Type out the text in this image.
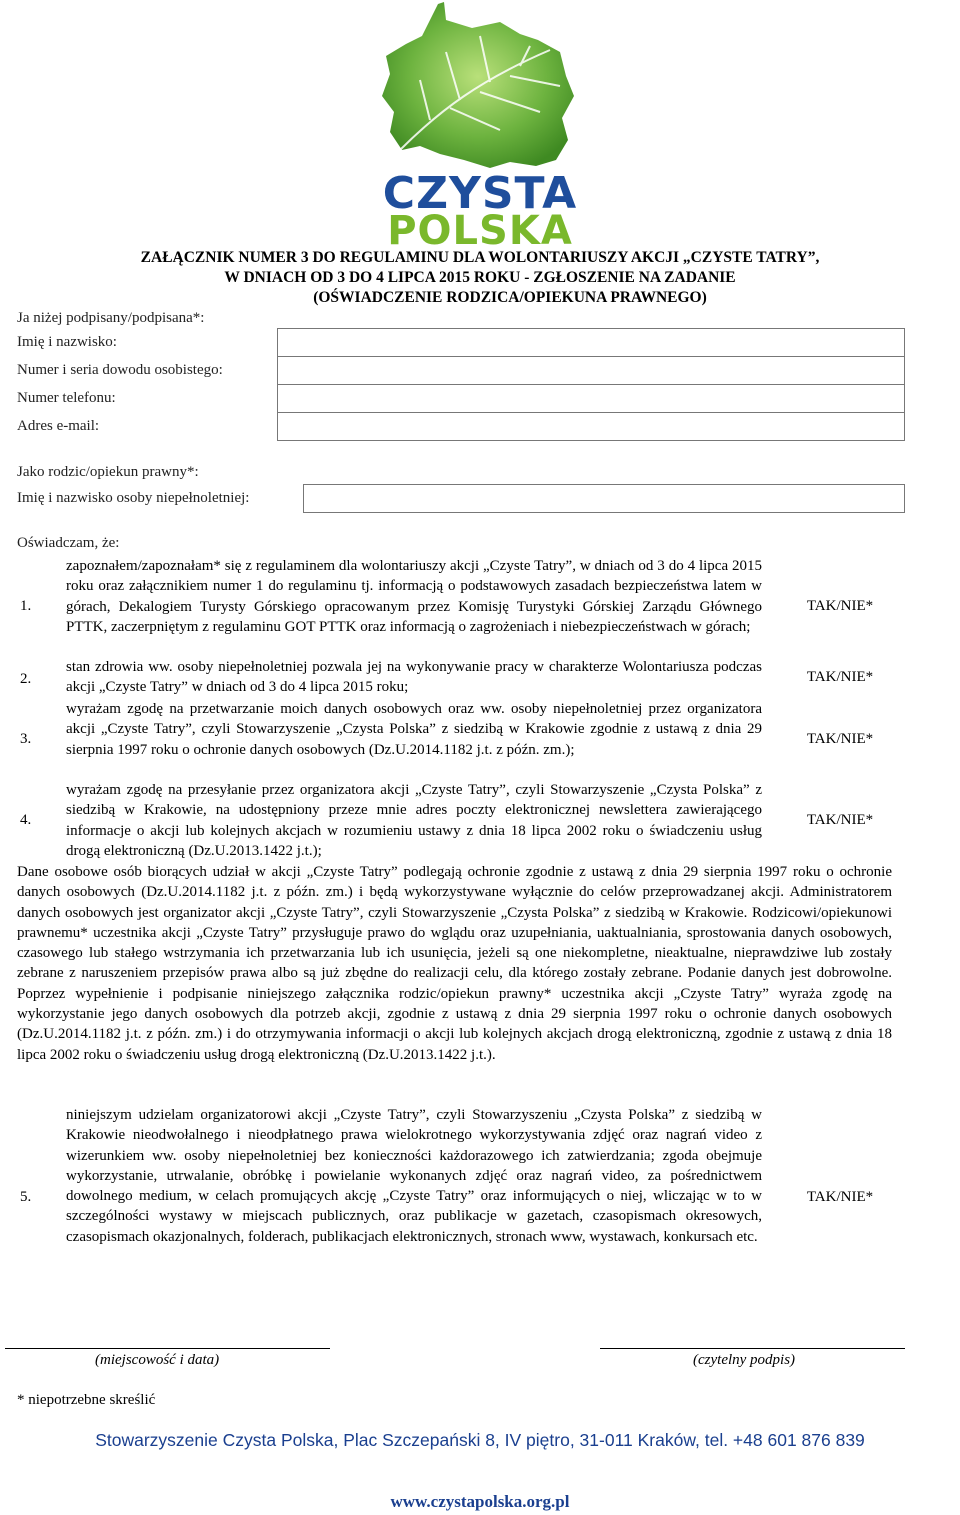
CZYSTA
POLSKA
ZAŁĄCZNIK NUMER 3 DO REGULAMINU DLA WOLONTARIUSZY AKCJI „CZYSTE TATRY”,
W DNIACH OD 3 DO 4 LIPCA 2015 ROKU - ZGŁOSZENIE NA ZADANIE
(OŚWIADCZENIE RODZICA/OPIEKUNA PRAWNEGO)
Ja niżej podpisany/podpisana*:
Imię i nazwisko:	
Numer i seria dowodu osobistego:	
Numer telefonu:	
Adres e-mail:	
Jako rodzic/opiekun prawny*:
Imię i nazwisko osoby niepełnoletniej:	
Oświadczam, że:
1.
zapoznałem/zapoznałam* się z regulaminem dla wolontariuszy akcji „Czyste Tatry”, w dniach od 3 do 4 lipca 2015 roku oraz załącznikiem numer 1 do regulaminu tj. informacją o podstawowych zasadach bezpieczeństwa latem w górach, Dekalogiem Turysty Górskiego opracowanym przez Komisję Turystyki Górskiej Zarządu Głównego PTTK, zaczerpniętym z regulaminu GOT PTTK oraz informacją o zagrożeniach i niebezpieczeństwach w górach;
TAK/NIE*
2.
stan zdrowia ww. osoby niepełnoletniej pozwala jej na wykonywanie pracy w charakterze Wolontariusza podczas akcji „Czyste Tatry” w dniach od 3 do 4 lipca 2015 roku;
TAK/NIE*
3.
wyrażam zgodę na przetwarzanie moich danych osobowych oraz ww. osoby niepełnoletniej przez organizatora akcji „Czyste Tatry”, czyli Stowarzyszenie „Czysta Polska” z siedzibą w Krakowie zgodnie z ustawą z dnia 29 sierpnia 1997 roku o ochronie danych osobowych (Dz.U.2014.1182 j.t. z późn. zm.);
TAK/NIE*
4.
wyrażam zgodę na przesyłanie przez organizatora akcji „Czyste Tatry”, czyli Stowarzyszenie „Czysta Polska” z siedzibą w Krakowie, na udostępniony przeze mnie adres poczty elektronicznej newslettera zawierającego informacje o akcji lub kolejnych akcjach w rozumieniu ustawy z dnia 18 lipca 2002 roku o świadczeniu usług drogą elektroniczną (Dz.U.2013.1422 j.t.);
TAK/NIE*
Dane osobowe osób biorących udział w akcji „Czyste Tatry” podlegają ochronie zgodnie z ustawą z dnia 29 sierpnia 1997 roku o ochronie danych osobowych (Dz.U.2014.1182 j.t. z późn. zm.) i będą wykorzystywane wyłącznie do celów przeprowadzanej akcji. Administratorem danych osobowych jest organizator akcji „Czyste Tatry”, czyli Stowarzyszenie „Czysta Polska” z siedzibą w Krakowie. Rodzicowi/opiekunowi prawnemu* uczestnika akcji „Czyste Tatry” przysługuje prawo do wglądu oraz uzupełniania, uaktualniania, sprostowania danych osobowych, czasowego lub stałego wstrzymania ich przetwarzania lub ich usunięcia, jeżeli są one niekompletne, nieaktualne, nieprawdziwe lub zostały zebrane z naruszeniem przepisów prawa albo są już zbędne do realizacji celu, dla którego zostały zebrane. Podanie danych jest dobrowolne. Poprzez wypełnienie i podpisanie niniejszego załącznika rodzic/opiekun prawny* uczestnika akcji „Czyste Tatry” wyraża zgodę na wykorzystanie jego danych osobowych dla potrzeb akcji, zgodnie z ustawą z dnia 29 sierpnia 1997 roku o ochronie danych osobowych (Dz.U.2014.1182 j.t. z późn. zm.) i do otrzymywania informacji o akcji lub kolejnych akcjach drogą elektroniczną, zgodnie z ustawą z dnia 18 lipca 2002 roku o świadczeniu usług drogą elektroniczną (Dz.U.2013.1422 j.t.).
5.
niniejszym udzielam organizatorowi akcji „Czyste Tatry”, czyli Stowarzyszeniu „Czysta Polska” z siedzibą w Krakowie nieodwołalnego i nieodpłatnego prawa wielokrotnego wykorzystywania zdjęć oraz nagrań video z wizerunkiem ww. osoby niepełnoletniej bez konieczności każdorazowego ich zatwierdzania; zgoda obejmuje wykorzystanie, utrwalanie, obróbkę i powielanie wykonanych zdjęć oraz nagrań video, za pośrednictwem dowolnego medium, w celach promujących akcję „Czyste Tatry” oraz informujących o niej, wliczając w to w szczególności wystawy w miejscach publicznych, oraz publikacje w gazetach, czasopismach okresowych, czasopismach okazjonalnych, folderach, publikacjach elektronicznych, stronach www, wystawach, konkursach etc.
TAK/NIE*
(miejscowość i data)	(czytelny podpis)
* niepotrzebne skreślić
Stowarzyszenie Czysta Polska, Plac Szczepański 8, IV piętro, 31-011 Kraków, tel. +48 601 876 839
www.czystapolska.org.pl
